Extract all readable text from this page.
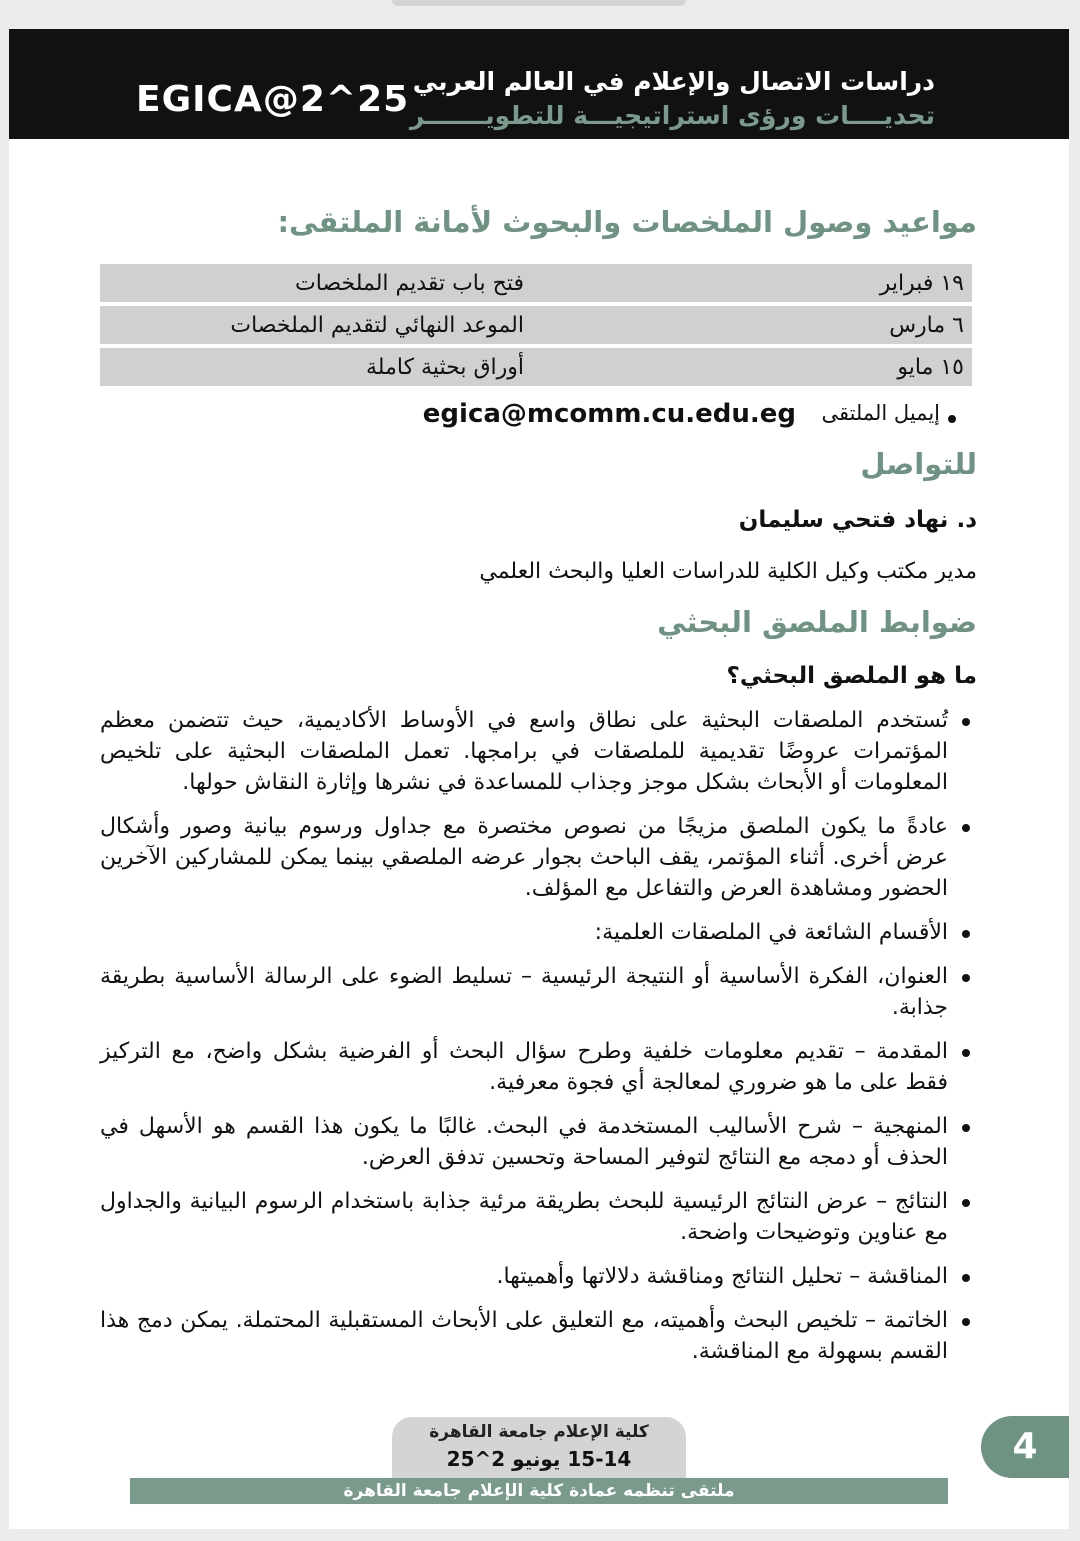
EGICA@2^25 دراسات الاتصال والإعلام في العالم العربي
تحديــــات ورؤى استراتيجيـــة للتطويـــــــر
مواعيد وصول الملخصات والبحوث لأمانة الملتقى:
فتح باب تقديم الملخصات	١٩ فبراير
الموعد النهائي لتقديم الملخصات	٦ مارس
أوراق بحثية كاملة	١٥ مايو
إيميل الملتقى
egica@mcomm.cu.edu.eg
للتواصل
د. نهاد فتحي سليمان
مدير مكتب وكيل الكلية للدراسات العليا والبحث العلمي
ضوابط الملصق البحثي
ما هو الملصق البحثي؟
تُستخدم الملصقات البحثية على نطاق واسع في الأوساط الأكاديمية، حيث تتضمن معظم المؤتمرات عروضًا تقديمية للملصقات في برامجها. تعمل الملصقات البحثية على تلخيص المعلومات أو الأبحاث بشكل موجز وجذاب للمساعدة في نشرها وإثارة النقاش حولها.
عادةً ما يكون الملصق مزيجًا من نصوص مختصرة مع جداول ورسوم بيانية وصور وأشكال عرض أخرى. أثناء المؤتمر، يقف الباحث بجوار عرضه الملصقي بينما يمكن للمشاركين الآخرين الحضور ومشاهدة العرض والتفاعل مع المؤلف.
الأقسام الشائعة في الملصقات العلمية:
العنوان، الفكرة الأساسية أو النتيجة الرئيسية – تسليط الضوء على الرسالة الأساسية بطريقة جذابة.
المقدمة – تقديم معلومات خلفية وطرح سؤال البحث أو الفرضية بشكل واضح، مع التركيز فقط على ما هو ضروري لمعالجة أي فجوة معرفية.
المنهجية – شرح الأساليب المستخدمة في البحث. غالبًا ما يكون هذا القسم هو الأسهل في الحذف أو دمجه مع النتائج لتوفير المساحة وتحسين تدفق العرض.
النتائج – عرض النتائج الرئيسية للبحث بطريقة مرئية جذابة باستخدام الرسوم البيانية والجداول مع عناوين وتوضيحات واضحة.
المناقشة – تحليل النتائج ومناقشة دلالاتها وأهميتها.
الخاتمة – تلخيص البحث وأهميته، مع التعليق على الأبحاث المستقبلية المحتملة. يمكن دمج هذا القسم بسهولة مع المناقشة.
كلية الإعلام جامعة القاهرة
15-14 يونيو 2^25
ملتقى تنظمه عمادة كلية الإعلام جامعة القاهرة
4
